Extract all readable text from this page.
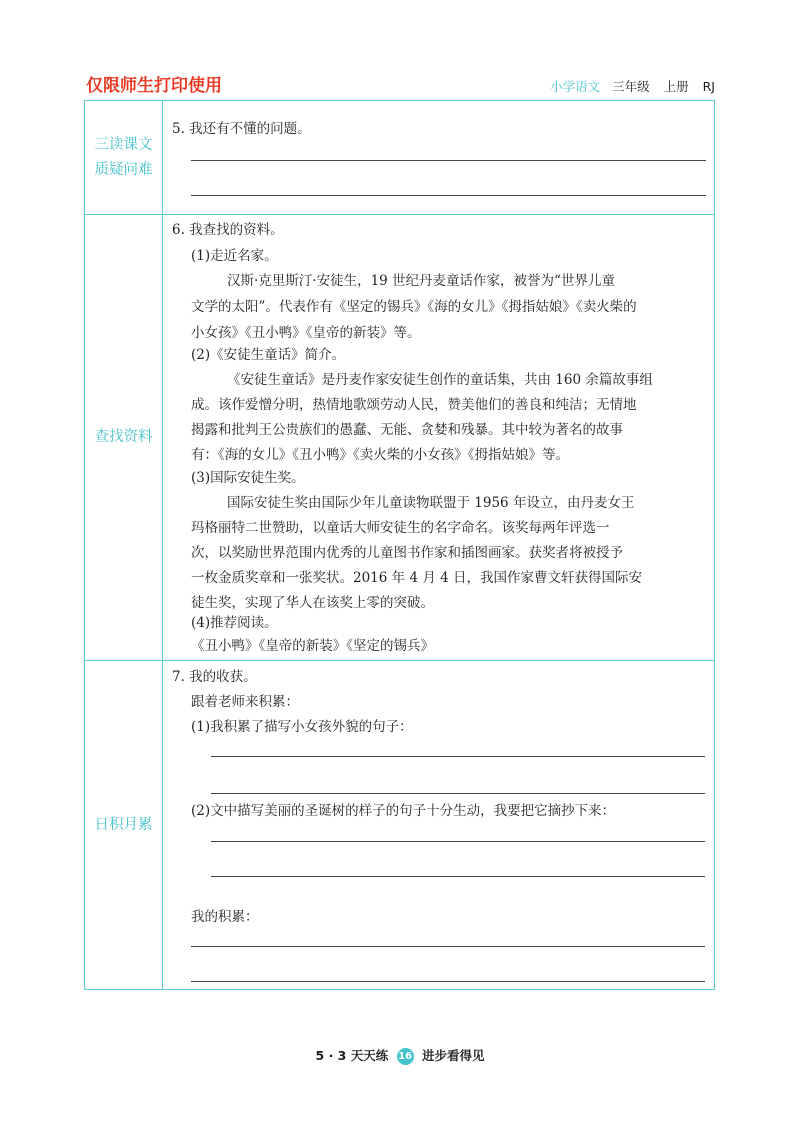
仅限师生打印使用	小学语文 三年级 上册 RJ
三读课文
质疑问难
5. 我还有不懂的问题。
查找资料
6. 我查找的资料。
(1)走近名家。
汉斯·克里斯汀·安徒生，19 世纪丹麦童话作家，被誉为“世界儿童
文学的太阳”。代表作有《坚定的锡兵》《海的女儿》《拇指姑娘》《卖火柴的
小女孩》《丑小鸭》《皇帝的新装》等。
(2)《安徒生童话》简介。
《安徒生童话》是丹麦作家安徒生创作的童话集，共由 160 余篇故事组
成。该作爱憎分明，热情地歌颂劳动人民，赞美他们的善良和纯洁；无情地
揭露和批判王公贵族们的愚蠢、无能、贪婪和残暴。其中较为著名的故事
有：《海的女儿》《丑小鸭》《卖火柴的小女孩》《拇指姑娘》等。
(3)国际安徒生奖。
国际安徒生奖由国际少年儿童读物联盟于 1956 年设立，由丹麦女王
玛格丽特二世赞助，以童话大师安徒生的名字命名。该奖每两年评选一
次，以奖励世界范围内优秀的儿童图书作家和插图画家。获奖者将被授予
一枚金质奖章和一张奖状。2016 年 4 月 4 日，我国作家曹文轩获得国际安
徒生奖，实现了华人在该奖上零的突破。
(4)推荐阅读。
《丑小鸭》《皇帝的新装》《坚定的锡兵》
日积月累
7. 我的收获。
跟着老师来积累：
(1)我积累了描写小女孩外貌的句子：
(2)文中描写美丽的圣诞树的样子的句子十分生动，我要把它摘抄下来：
我的积累：
5 · 3 天天练 16 进步看得见
